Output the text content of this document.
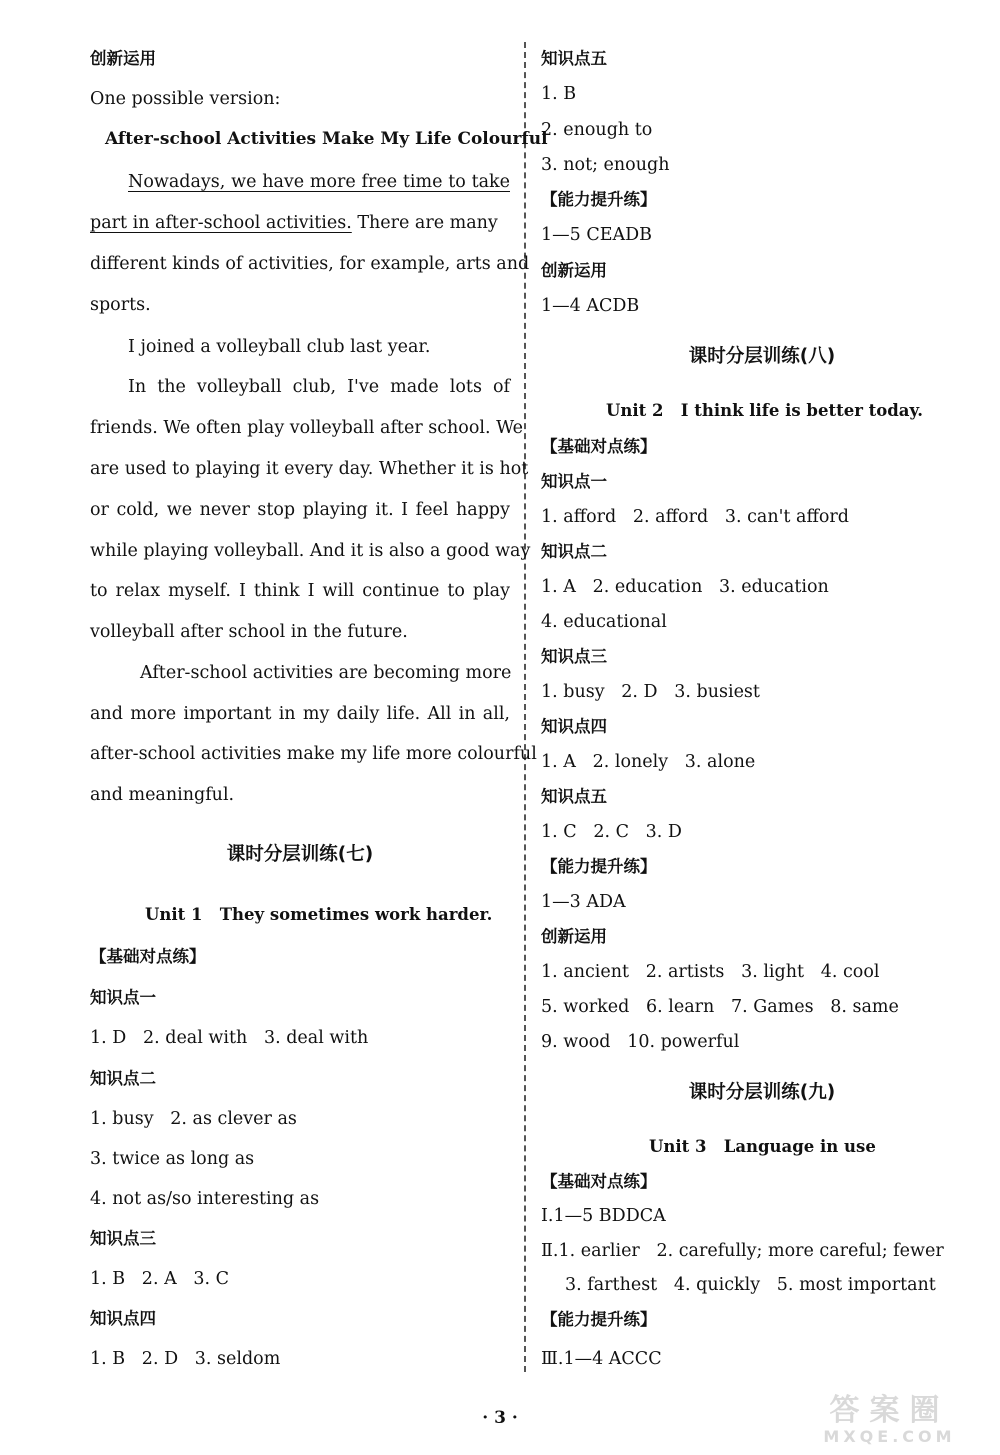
创新运用
One possible version:
After-school Activities Make My Life Colourful
Nowadays, we have more free time to take
part in after-school activities. There are many
different kinds of activities, for example, arts and
sports.
I joined a volleyball club last year.
In the volleyball club, I've made lots of
friends. We often play volleyball after school. We
are used to playing it every day. Whether it is hot
or cold, we never stop playing it. I feel happy
while playing volleyball. And it is also a good way
to relax myself. I think I will continue to play
volleyball after school in the future.
After-school activities are becoming more
and more important in my daily life. All in all,
after-school activities make my life more colourful
and meaningful.
课时分层训练(七)
Unit 1   They sometimes work harder.
【基础对点练】
知识点一
1. D   2. deal with   3. deal with
知识点二
1. busy   2. as clever as
3. twice as long as
4. not as/so interesting as
知识点三
1. B   2. A   3. C
知识点四
1. B   2. D   3. seldom
知识点五
1. B
2. enough to
3. not; enough
【能力提升练】
1—5 CEADB
创新运用
1—4 ACDB
课时分层训练(八)
Unit 2   I think life is better today.
【基础对点练】
知识点一
1. afford   2. afford   3. can't afford
知识点二
1. A   2. education   3. education
4. educational
知识点三
1. busy   2. D   3. busiest
知识点四
1. A   2. lonely   3. alone
知识点五
1. C   2. C   3. D
【能力提升练】
1—3 ADA
创新运用
1. ancient   2. artists   3. light   4. cool
5. worked   6. learn   7. Games   8. same
9. wood   10. powerful
课时分层训练(九)
Unit 3   Language in use
【基础对点练】
Ⅰ.1—5 BDDCA
Ⅱ.1. earlier   2. carefully; more careful; fewer
3. farthest   4. quickly   5. most important
【能力提升练】
Ⅲ.1—4 ACCC
· 3 ·	答案圈
MXQE.COM
